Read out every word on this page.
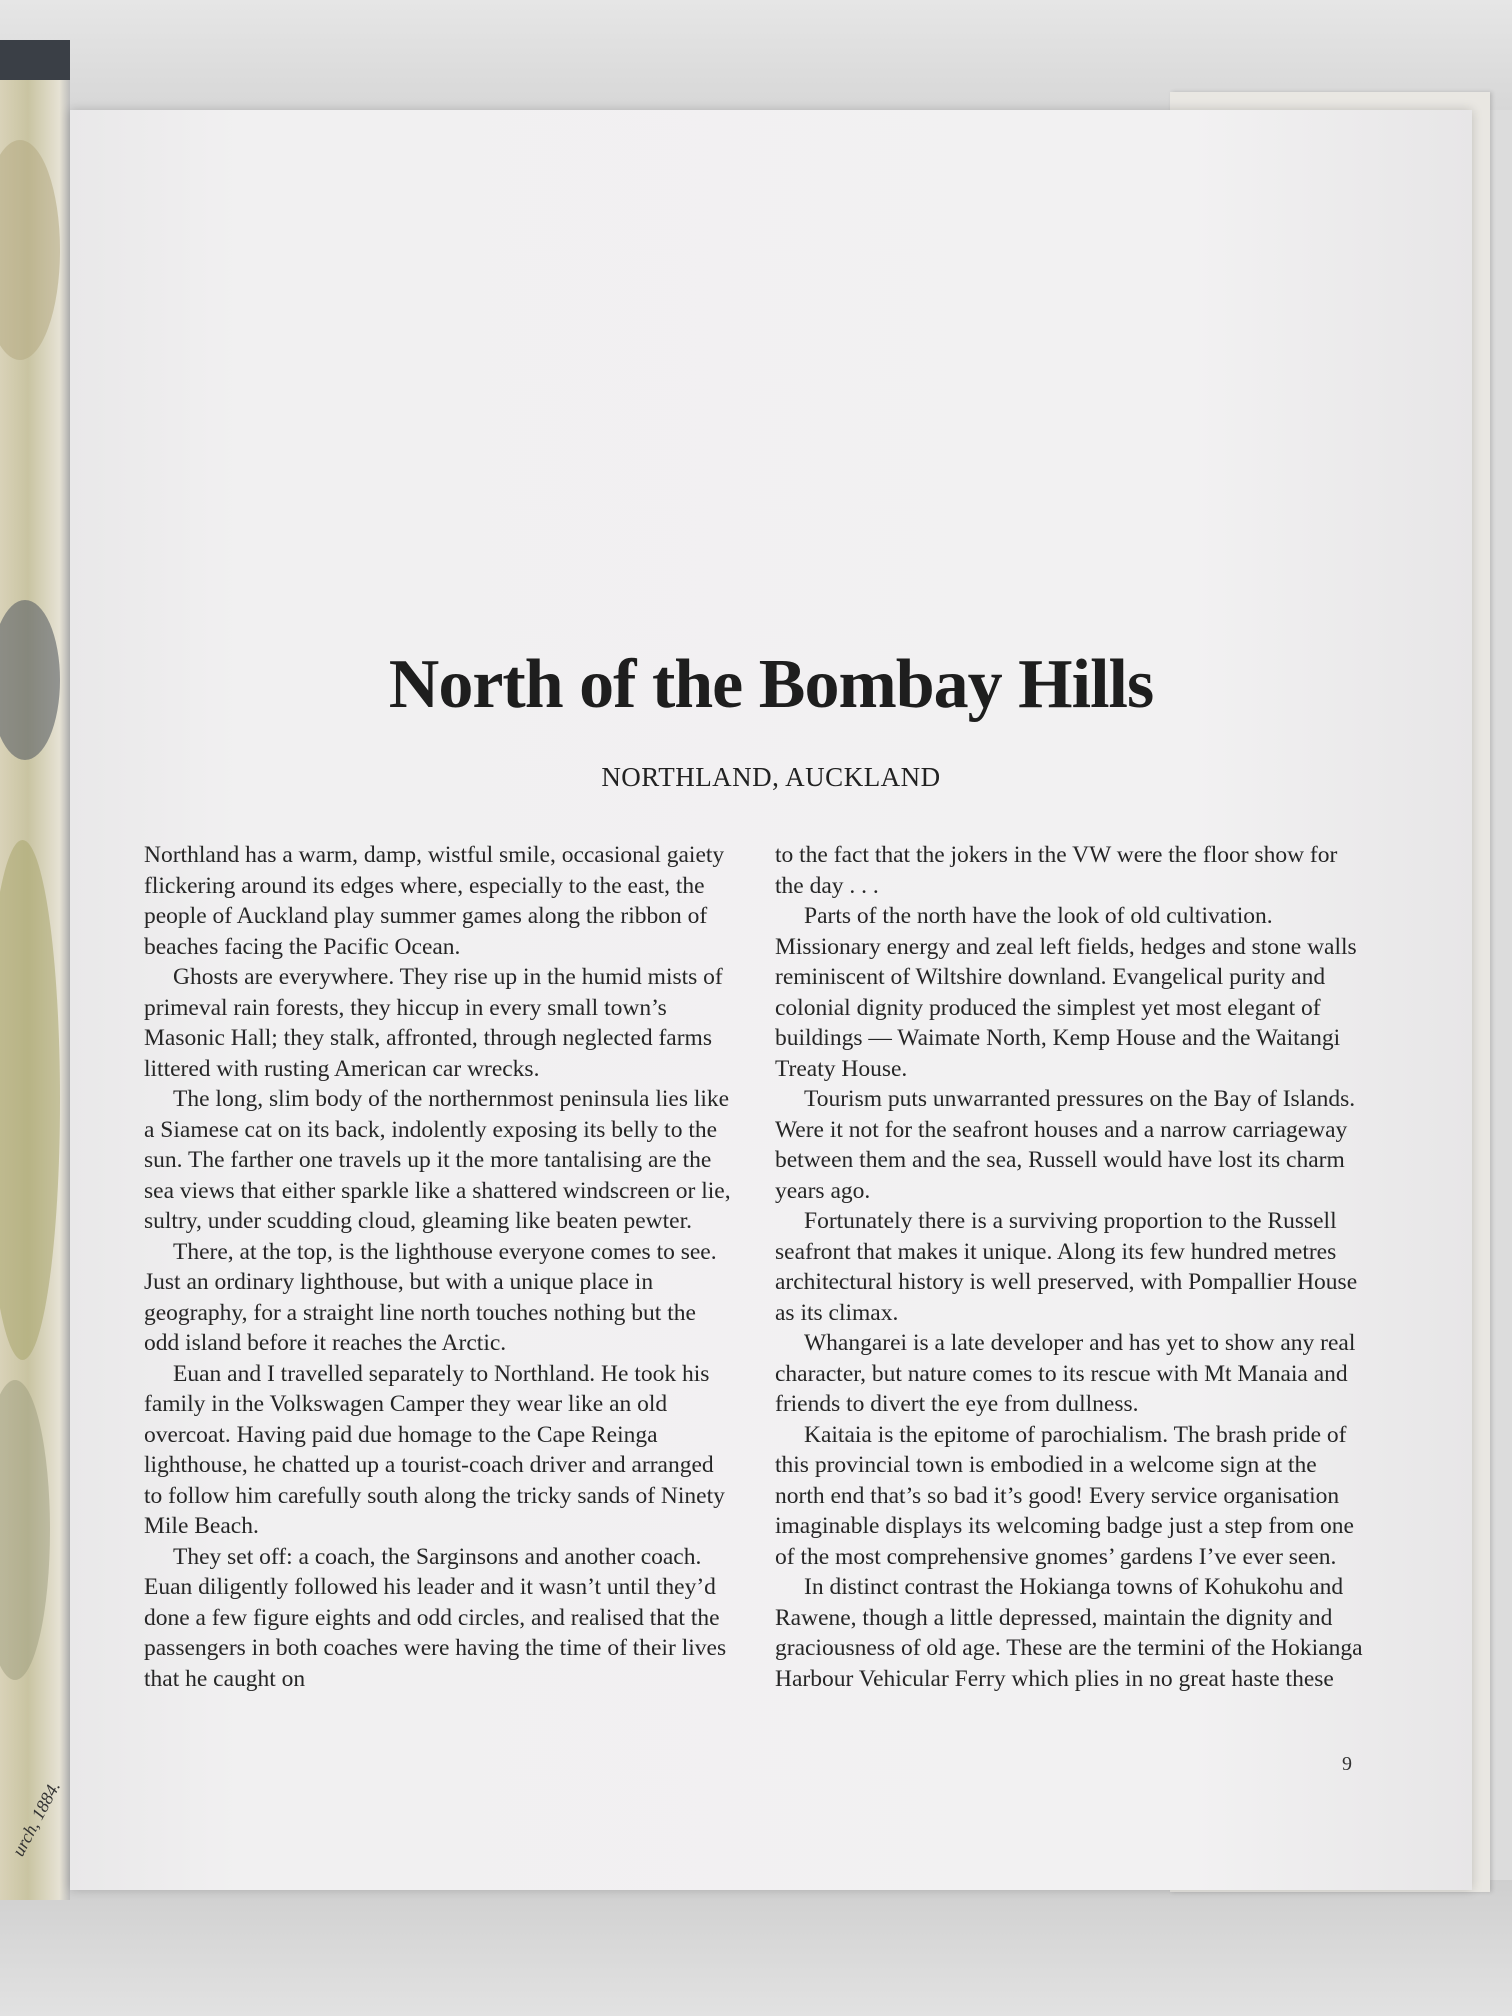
urch, 1884.
North of the Bombay Hills
NORTHLAND, AUCKLAND

Northland has a warm, damp, wistful smile, occasional gaiety flickering around its edges where, especially to the east, the people of Auckland play summer games along the ribbon of beaches facing the Pacific Ocean.

Ghosts are everywhere. They rise up in the humid mists of primeval rain forests, they hiccup in every small town’s Masonic Hall; they stalk, affronted, through neglected farms littered with rusting American car wrecks.

The long, slim body of the northernmost peninsula lies like a Siamese cat on its back, indolently exposing its belly to the sun. The farther one travels up it the more tantalising are the sea views that either sparkle like a shattered windscreen or lie, sultry, under scudding cloud, gleaming like beaten pewter.

There, at the top, is the lighthouse everyone comes to see. Just an ordinary lighthouse, but with a unique place in geography, for a straight line north touches nothing but the odd island before it reaches the Arctic.

Euan and I travelled separately to Northland. He took his family in the Volkswagen Camper they wear like an old overcoat. Having paid due homage to the Cape Reinga lighthouse, he chatted up a tourist-coach driver and arranged to follow him carefully south along the tricky sands of Ninety Mile Beach.

They set off: a coach, the Sarginsons and another coach. Euan diligently followed his leader and it wasn’t until they’d done a few figure eights and odd circles, and realised that the passengers in both coaches were having the time of their lives that he caught on

to the fact that the jokers in the VW were the floor show for the day . . .

Parts of the north have the look of old cultivation. Missionary energy and zeal left fields, hedges and stone walls reminiscent of Wiltshire downland. Evangelical purity and colonial dignity produced the simplest yet most elegant of buildings — Waimate North, Kemp House and the Waitangi Treaty House.

Tourism puts unwarranted pressures on the Bay of Islands. Were it not for the seafront houses and a narrow carriageway between them and the sea, Russell would have lost its charm years ago.

Fortunately there is a surviving proportion to the Russell seafront that makes it unique. Along its few hundred metres architectural history is well preserved, with Pompallier House as its climax.

Whangarei is a late developer and has yet to show any real character, but nature comes to its rescue with Mt Manaia and friends to divert the eye from dullness.

Kaitaia is the epitome of parochialism. The brash pride of this provincial town is embodied in a welcome sign at the north end that’s so bad it’s good! Every service organisation imaginable displays its welcoming badge just a step from one of the most comprehensive gnomes’ gardens I’ve ever seen.

In distinct contrast the Hokianga towns of Kohukohu and Rawene, though a little depressed, maintain the dignity and graciousness of old age. These are the termini of the Hokianga Harbour Vehicular Ferry which plies in no great haste these

9
